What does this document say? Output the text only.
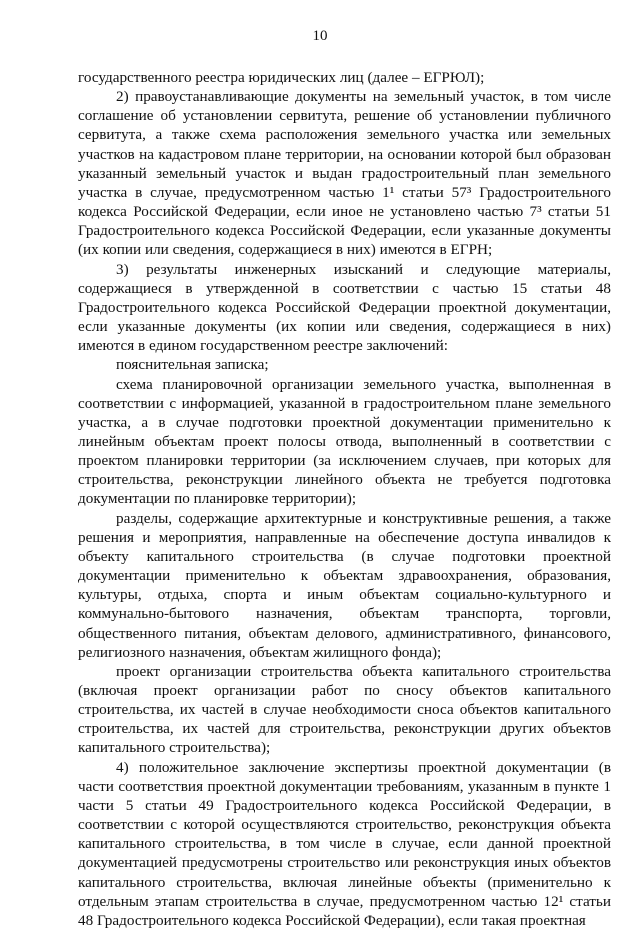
10

государственного реестра юридических лиц (далее – ЕГРЮЛ);

2) правоустанавливающие документы на земельный участок, в том числе соглашение об установлении сервитута, решение об установлении публичного сервитута, а также схема расположения земельного участка или земельных участков на кадастровом плане территории, на основании которой был образован указанный земельный участок и выдан градостроительный план земельного участка в случае, предусмотренном частью 1¹ статьи 57³ Градостроительного кодекса Российской Федерации, если иное не установлено частью 7³ статьи 51 Градостроительного кодекса Российской Федерации, если указанные документы (их копии или сведения, содержащиеся в них) имеются в ЕГРН;

3) результаты инженерных изысканий и следующие материалы, содержащиеся в утвержденной в соответствии с частью 15 статьи 48 Градостроительного кодекса Российской Федерации проектной документации, если указанные документы (их копии или сведения, содержащиеся в них) имеются в едином государственном реестре заключений:

пояснительная записка;

схема планировочной организации земельного участка, выполненная в соответствии с информацией, указанной в градостроительном плане земельного участка, а в случае подготовки проектной документации применительно к линейным объектам проект полосы отвода, выполненный в соответствии с проектом планировки территории (за исключением случаев, при которых для строительства, реконструкции линейного объекта не требуется подготовка документации по планировке территории);

разделы, содержащие архитектурные и конструктивные решения, а также решения и мероприятия, направленные на обеспечение доступа инвалидов к объекту капитального строительства (в случае подготовки проектной документации применительно к объектам здравоохранения, образования, культуры, отдыха, спорта и иным объектам социально-культурного и коммунально-бытового назначения, объектам транспорта, торговли, общественного питания, объектам делового, административного, финансового, религиозного назначения, объектам жилищного фонда);

проект организации строительства объекта капитального строительства (включая проект организации работ по сносу объектов капитального строительства, их частей в случае необходимости сноса объектов капитального строительства, их частей для строительства, реконструкции других объектов капитального строительства);

4) положительное заключение экспертизы проектной документации (в части соответствия проектной документации требованиям, указанным в пункте 1 части 5 статьи 49 Градостроительного кодекса Российской Федерации, в соответствии с которой осуществляются строительство, реконструкция объекта капитального строительства, в том числе в случае, если данной проектной документацией предусмотрены строительство или реконструкция иных объектов капитального строительства, включая линейные объекты (применительно к отдельным этапам строительства в случае, предусмотренном частью 12¹ статьи 48 Градостроительного кодекса Российской Федерации), если такая проектная
